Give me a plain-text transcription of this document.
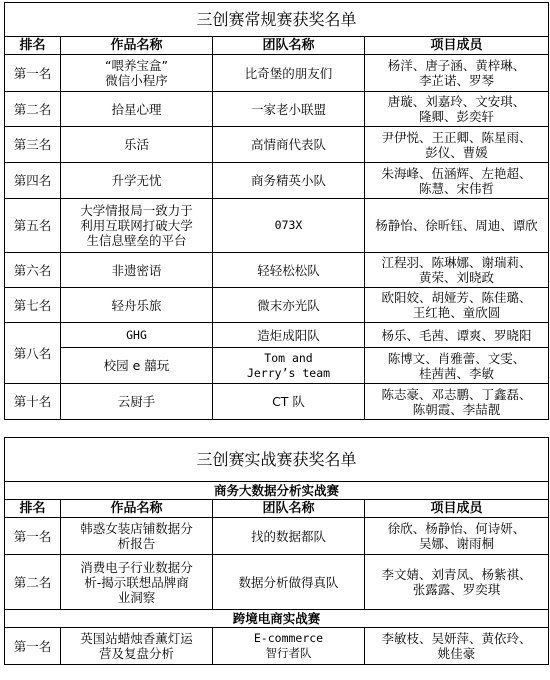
三创赛常规赛获奖名单			
排名	作品名称	团队名称	项目成员
第一名	“喂养宝盒”
微信小程序	比奇堡的朋友们	杨洋、唐子涵、黄梓琳、
李芷诺、罗琴
第二名	拾星心理	一家老小联盟	唐璇、刘嘉玲、文安琪、
隆卿、彭奕轩
第三名	乐活	高情商代表队	尹伊悦、王正卿、陈星雨、
彭仪、曹媛
第四名	升学无忧	商务精英小队	朱海峰、伍涵辉、左艳超、
陈慧、宋伟哲
第五名	大学情报局一致力于
利用互联网打破大学
生信息壁垒的平台	073X	杨静怡、徐昕钰、周迪、谭欣
第六名	非遗密语	轻轻松松队	江程羽、陈琳娜、谢瑞莉、
黄荣、刘晓政
第七名	轻舟乐旅	微末亦光队	欧阳姣、胡娅芳、陈佳璐、
王红艳、童欣圆
第八名	GHG	造炬成阳队	杨乐、毛茜、谭爽、罗晓阳
	校园 e 囍玩	Tom and
Jerry’s team	陈博文、肖雅蕾、文雯、
桂茜茜、李敏
第十名	云厨手	CT 队	陈志豪、邓志鹏、丁鑫磊、
陈朝霞、李喆靓
三创赛实战赛获奖名单			
商务大数据分析实战赛			
排名	作品名称	团队名称	项目成员
第一名	韩惑女装店铺数据分
析报告	找的数据都队	徐欣、杨静怡、何诗妍、
吴娜、谢雨桐
第二名	消费电子行业数据分
析-揭示联想品牌商
业洞察	数据分析做得真队	李文婧、刘青凤、杨紫祺、
张露露、罗奕琪
跨境电商实战赛			
第一名	英国站蜡烛香薰灯运
营及复盘分析	E-commerce
智行者队	李敏枝、吴妍萍、黄依玲、
姚佳豪
